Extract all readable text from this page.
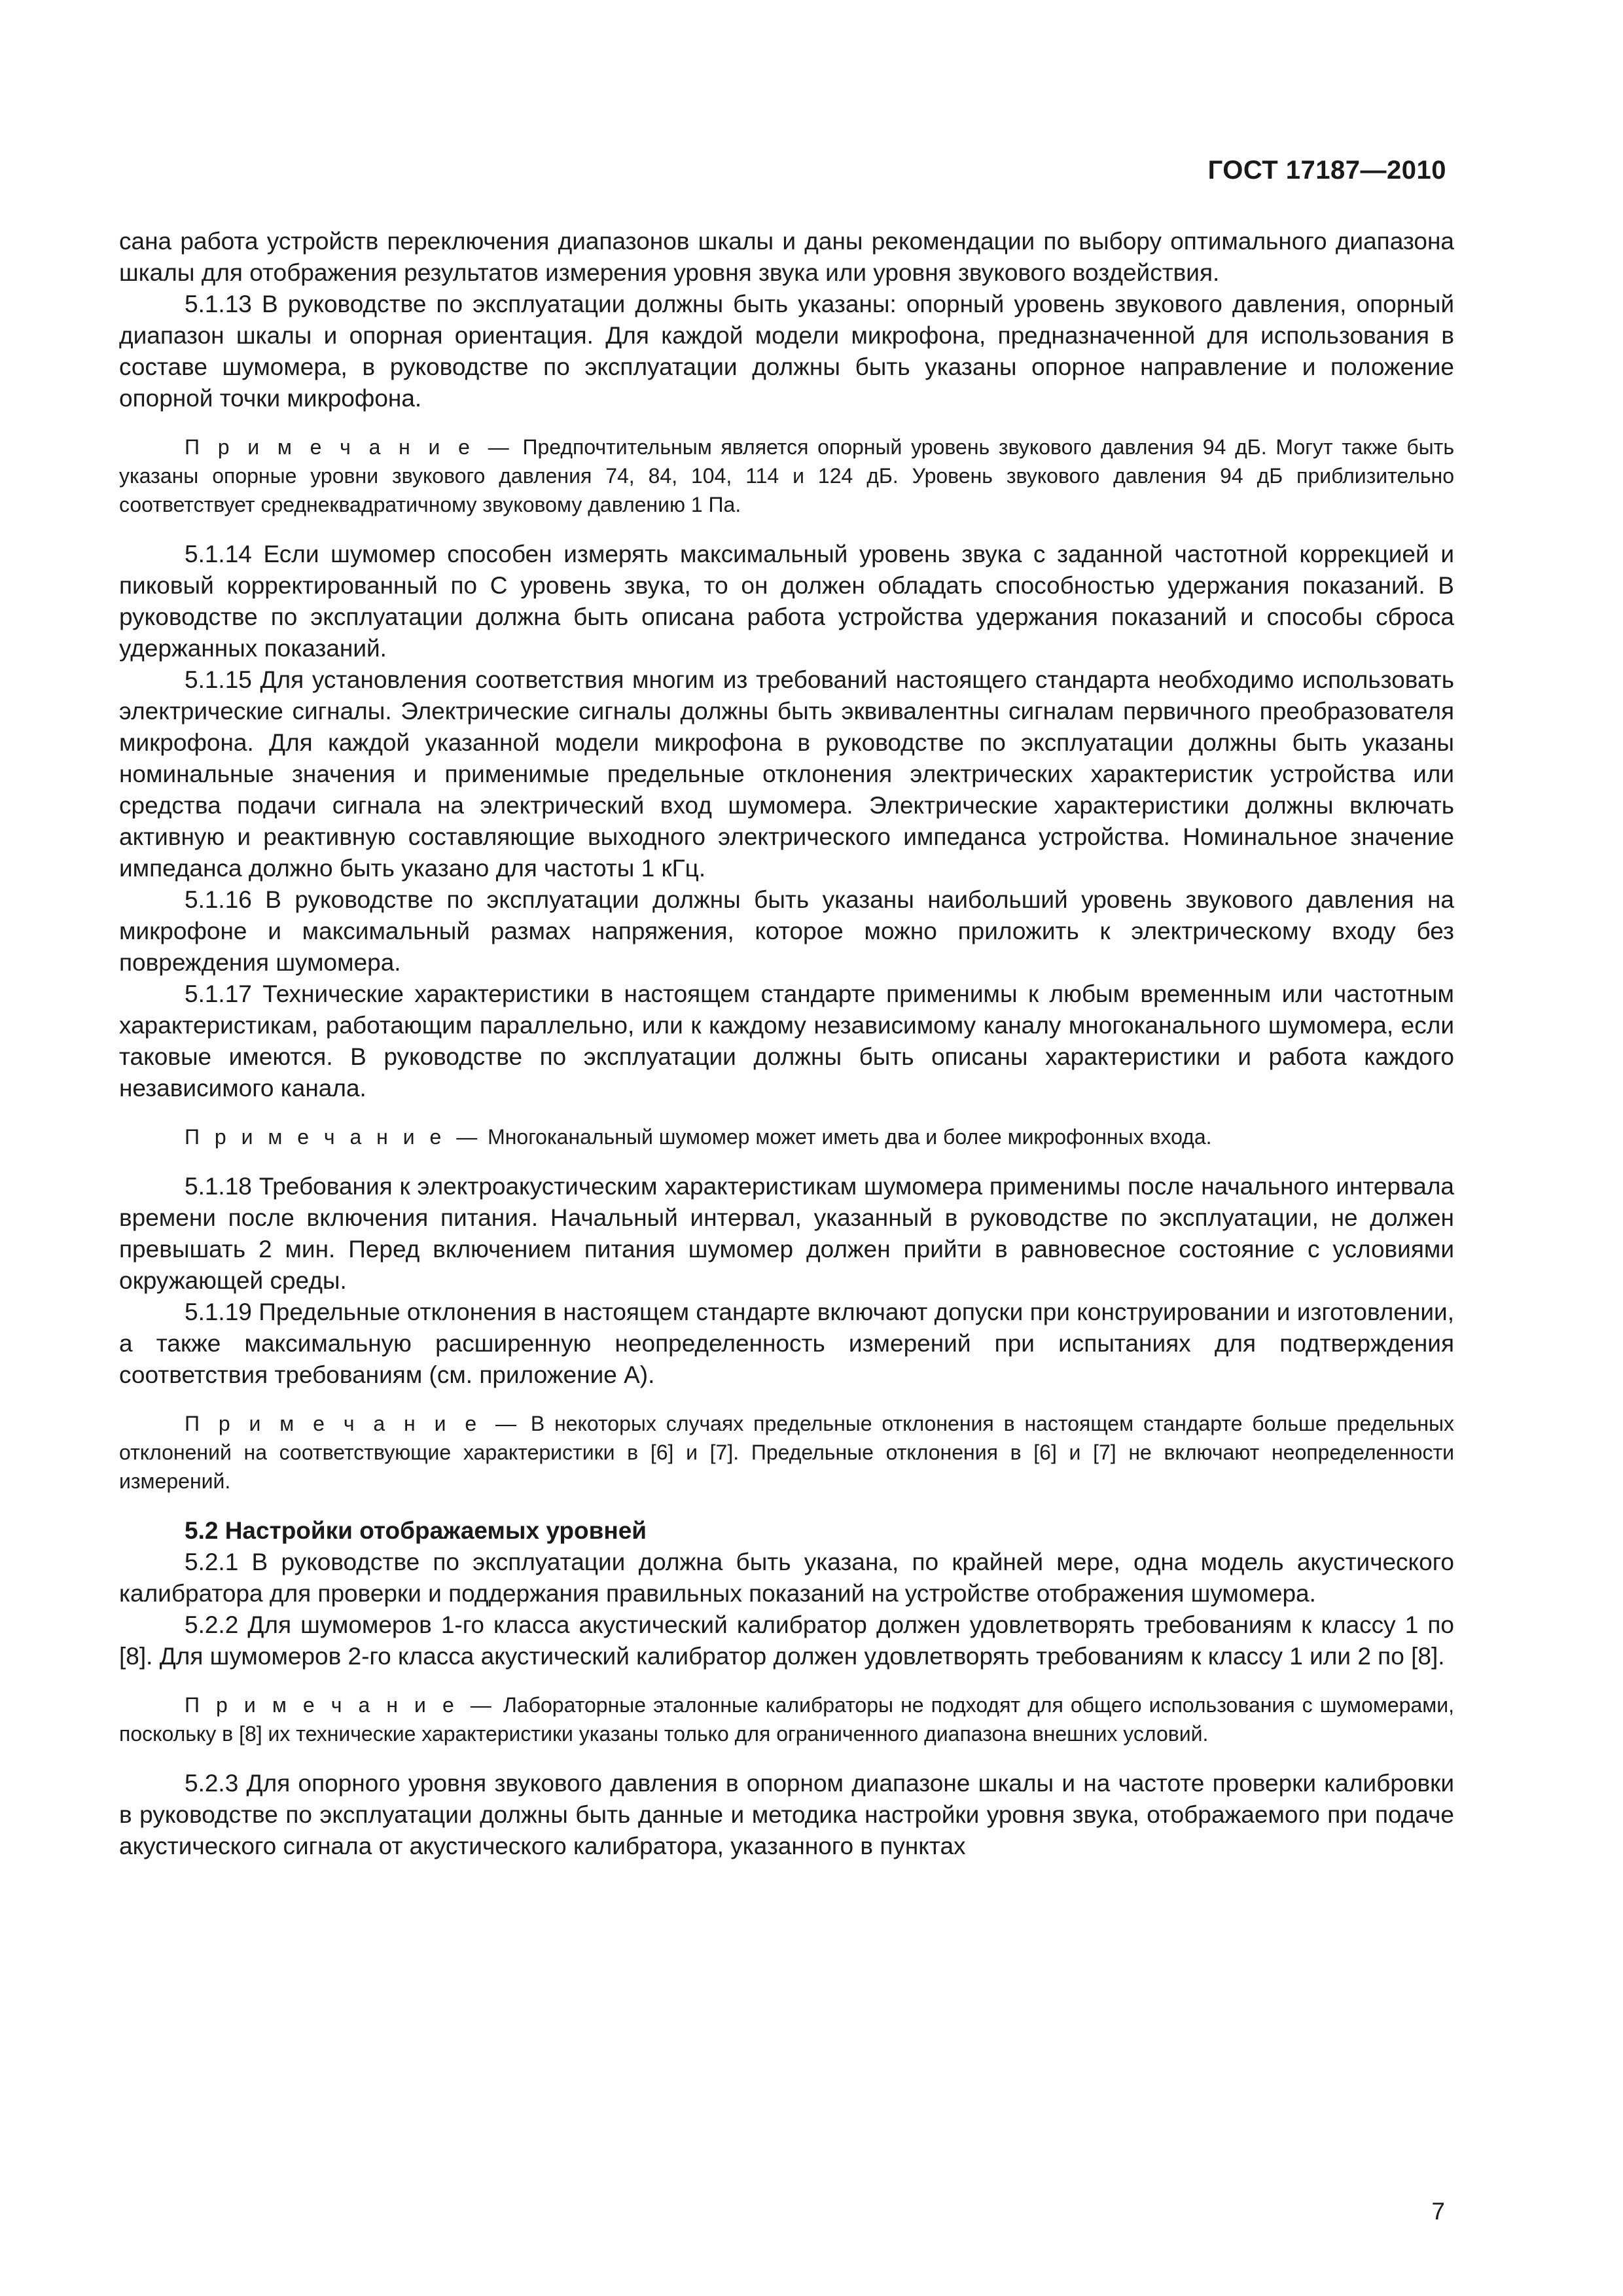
ГОСТ 17187—2010

сана работа устройств переключения диапазонов шкалы и даны рекомендации по выбору оптимального диапазона шкалы для отображения результатов измерения уровня звука или уровня звукового воздействия.

5.1.13 В руководстве по эксплуатации должны быть указаны: опорный уровень звукового давления, опорный диапазон шкалы и опорная ориентация. Для каждой модели микрофона, предназначенной для использования в составе шумомера, в руководстве по эксплуатации должны быть указаны опорное направление и положение опорной точки микрофона.

П р и м е ч а н и е — Предпочтительным является опорный уровень звукового давления 94 дБ. Могут также быть указаны опорные уровни звукового давления 74, 84, 104, 114 и 124 дБ. Уровень звукового давления 94 дБ приблизительно соответствует среднеквадратичному звуковому давлению 1 Па.

5.1.14 Если шумомер способен измерять максимальный уровень звука с заданной частотной коррекцией и пиковый корректированный по C уровень звука, то он должен обладать способностью удержания показаний. В руководстве по эксплуатации должна быть описана работа устройства удержания показаний и способы сброса удержанных показаний.

5.1.15 Для установления соответствия многим из требований настоящего стандарта необходимо использовать электрические сигналы. Электрические сигналы должны быть эквивалентны сигналам первичного преобразователя микрофона. Для каждой указанной модели микрофона в руководстве по эксплуатации должны быть указаны номинальные значения и применимые предельные отклонения электрических характеристик устройства или средства подачи сигнала на электрический вход шумомера. Электрические характеристики должны включать активную и реактивную составляющие выходного электрического импеданса устройства. Номинальное значение импеданса должно быть указано для частоты 1 кГц.

5.1.16 В руководстве по эксплуатации должны быть указаны наибольший уровень звукового давления на микрофоне и максимальный размах напряжения, которое можно приложить к электрическому входу без повреждения шумомера.

5.1.17 Технические характеристики в настоящем стандарте применимы к любым временным или частотным характеристикам, работающим параллельно, или к каждому независимому каналу многоканального шумомера, если таковые имеются. В руководстве по эксплуатации должны быть описаны характеристики и работа каждого независимого канала.

П р и м е ч а н и е — Многоканальный шумомер может иметь два и более микрофонных входа.

5.1.18 Требования к электроакустическим характеристикам шумомера применимы после начального интервала времени после включения питания. Начальный интервал, указанный в руководстве по эксплуатации, не должен превышать 2 мин. Перед включением питания шумомер должен прийти в равновесное состояние с условиями окружающей среды.

5.1.19 Предельные отклонения в настоящем стандарте включают допуски при конструировании и изготовлении, а также максимальную расширенную неопределенность измерений при испытаниях для подтверждения соответствия требованиям (см. приложение А).

П р и м е ч а н и е — В некоторых случаях предельные отклонения в настоящем стандарте больше предельных отклонений на соответствующие характеристики в [6] и [7]. Предельные отклонения в [6] и [7] не включают неопределенности измерений.

5.2 Настройки отображаемых уровней

5.2.1 В руководстве по эксплуатации должна быть указана, по крайней мере, одна модель акустического калибратора для проверки и поддержания правильных показаний на устройстве отображения шумомера.

5.2.2 Для шумомеров 1-го класса акустический калибратор должен удовлетворять требованиям к классу 1 по [8]. Для шумомеров 2-го класса акустический калибратор должен удовлетворять требованиям к классу 1 или 2 по [8].

П р и м е ч а н и е — Лабораторные эталонные калибраторы не подходят для общего использования с шумомерами, поскольку в [8] их технические характеристики указаны только для ограниченного диапазона внешних условий.

5.2.3 Для опорного уровня звукового давления в опорном диапазоне шкалы и на частоте проверки калибровки в руководстве по эксплуатации должны быть данные и методика настройки уровня звука, отображаемого при подаче акустического сигнала от акустического калибратора, указанного в пунктах

7
